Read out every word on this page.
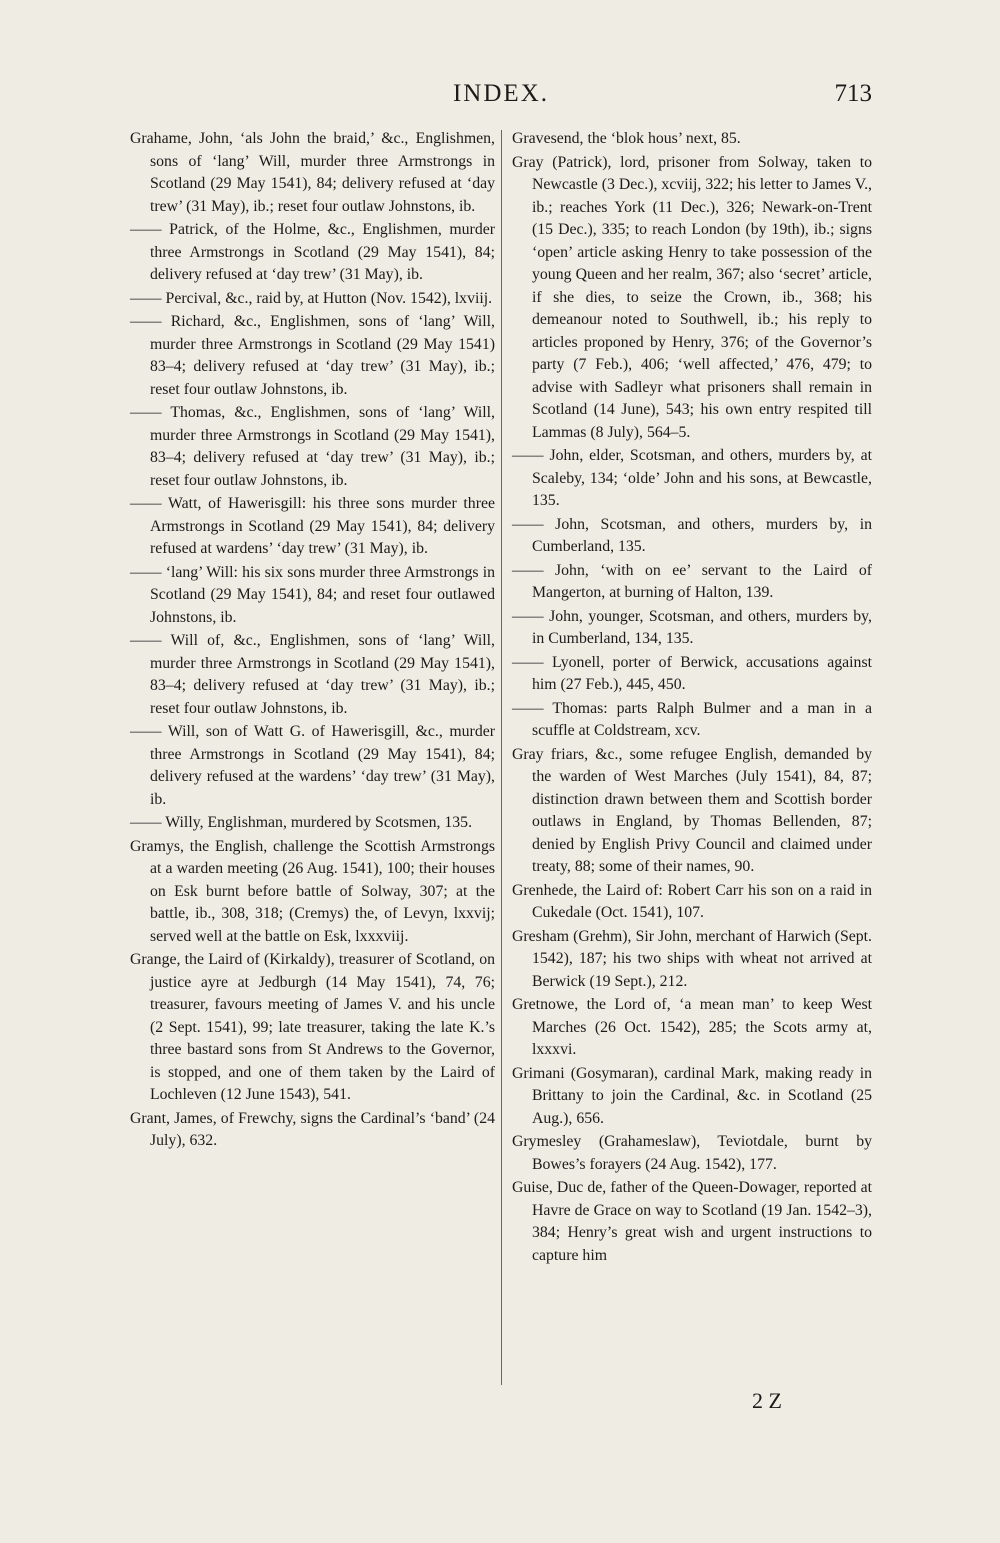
INDEX.	713

Grahame, John, ‘als John the braid,’ &c., Englishmen, sons of ‘lang’ Will, murder three Armstrongs in Scotland (29 May 1541), 84; delivery refused at ‘day trew’ (31 May), ib.; reset four outlaw Johnstons, ib.

—— Patrick, of the Holme, &c., Englishmen, murder three Armstrongs in Scotland (29 May 1541), 84; delivery refused at ‘day trew’ (31 May), ib.

—— Percival, &c., raid by, at Hutton (Nov. 1542), lxviij.

—— Richard, &c., Englishmen, sons of ‘lang’ Will, murder three Armstrongs in Scotland (29 May 1541) 83–4; delivery refused at ‘day trew’ (31 May), ib.; reset four outlaw Johnstons, ib.

—— Thomas, &c., Englishmen, sons of ‘lang’ Will, murder three Armstrongs in Scotland (29 May 1541), 83–4; delivery refused at ‘day trew’ (31 May), ib.; reset four outlaw Johnstons, ib.

—— Watt, of Hawerisgill: his three sons murder three Armstrongs in Scotland (29 May 1541), 84; delivery refused at wardens’ ‘day trew’ (31 May), ib.

—— ‘lang’ Will: his six sons murder three Armstrongs in Scotland (29 May 1541), 84; and reset four outlawed Johnstons, ib.

—— Will of, &c., Englishmen, sons of ‘lang’ Will, murder three Armstrongs in Scotland (29 May 1541), 83–4; delivery refused at ‘day trew’ (31 May), ib.; reset four outlaw Johnstons, ib.

—— Will, son of Watt G. of Hawerisgill, &c., murder three Armstrongs in Scotland (29 May 1541), 84; delivery refused at the wardens’ ‘day trew’ (31 May), ib.

—— Willy, Englishman, murdered by Scotsmen, 135.

Gramys, the English, challenge the Scottish Armstrongs at a warden meeting (26 Aug. 1541), 100; their houses on Esk burnt before battle of Solway, 307; at the battle, ib., 308, 318; (Cremys) the, of Levyn, lxxvij; served well at the battle on Esk, lxxxviij.

Grange, the Laird of (Kirkaldy), treasurer of Scotland, on justice ayre at Jedburgh (14 May 1541), 74, 76; treasurer, favours meeting of James V. and his uncle (2 Sept. 1541), 99; late treasurer, taking the late K.’s three bastard sons from St Andrews to the Governor, is stopped, and one of them taken by the Laird of Lochleven (12 June 1543), 541.

Grant, James, of Frewchy, signs the Cardinal’s ‘band’ (24 July), 632.

Gravesend, the ‘blok hous’ next, 85.

Gray (Patrick), lord, prisoner from Solway, taken to Newcastle (3 Dec.), xcviij, 322; his letter to James V., ib.; reaches York (11 Dec.), 326; Newark-on-Trent (15 Dec.), 335; to reach London (by 19th), ib.; signs ‘open’ article asking Henry to take possession of the young Queen and her realm, 367; also ‘secret’ article, if she dies, to seize the Crown, ib., 368; his demeanour noted to Southwell, ib.; his reply to articles proponed by Henry, 376; of the Governor’s party (7 Feb.), 406; ‘well affected,’ 476, 479; to advise with Sadleyr what prisoners shall remain in Scotland (14 June), 543; his own entry respited till Lammas (8 July), 564–5.

—— John, elder, Scotsman, and others, murders by, at Scaleby, 134; ‘olde’ John and his sons, at Bewcastle, 135.

—— John, Scotsman, and others, murders by, in Cumberland, 135.

—— John, ‘with on ee’ servant to the Laird of Mangerton, at burning of Halton, 139.

—— John, younger, Scotsman, and others, murders by, in Cumberland, 134, 135.

—— Lyonell, porter of Berwick, accusations against him (27 Feb.), 445, 450.

—— Thomas: parts Ralph Bulmer and a man in a scuffle at Coldstream, xcv.

Gray friars, &c., some refugee English, demanded by the warden of West Marches (July 1541), 84, 87; distinction drawn between them and Scottish border outlaws in England, by Thomas Bellenden, 87; denied by English Privy Council and claimed under treaty, 88; some of their names, 90.

Grenhede, the Laird of: Robert Carr his son on a raid in Cukedale (Oct. 1541), 107.

Gresham (Grehm), Sir John, merchant of Harwich (Sept. 1542), 187; his two ships with wheat not arrived at Berwick (19 Sept.), 212.

Gretnowe, the Lord of, ‘a mean man’ to keep West Marches (26 Oct. 1542), 285; the Scots army at, lxxxvi.

Grimani (Gosymaran), cardinal Mark, making ready in Brittany to join the Cardinal, &c. in Scotland (25 Aug.), 656.

Grymesley (Grahameslaw), Teviotdale, burnt by Bowes’s forayers (24 Aug. 1542), 177.

Guise, Duc de, father of the Queen-Dowager, reported at Havre de Grace on way to Scotland (19 Jan. 1542–3), 384; Henry’s great wish and urgent instructions to capture him

2 Z
